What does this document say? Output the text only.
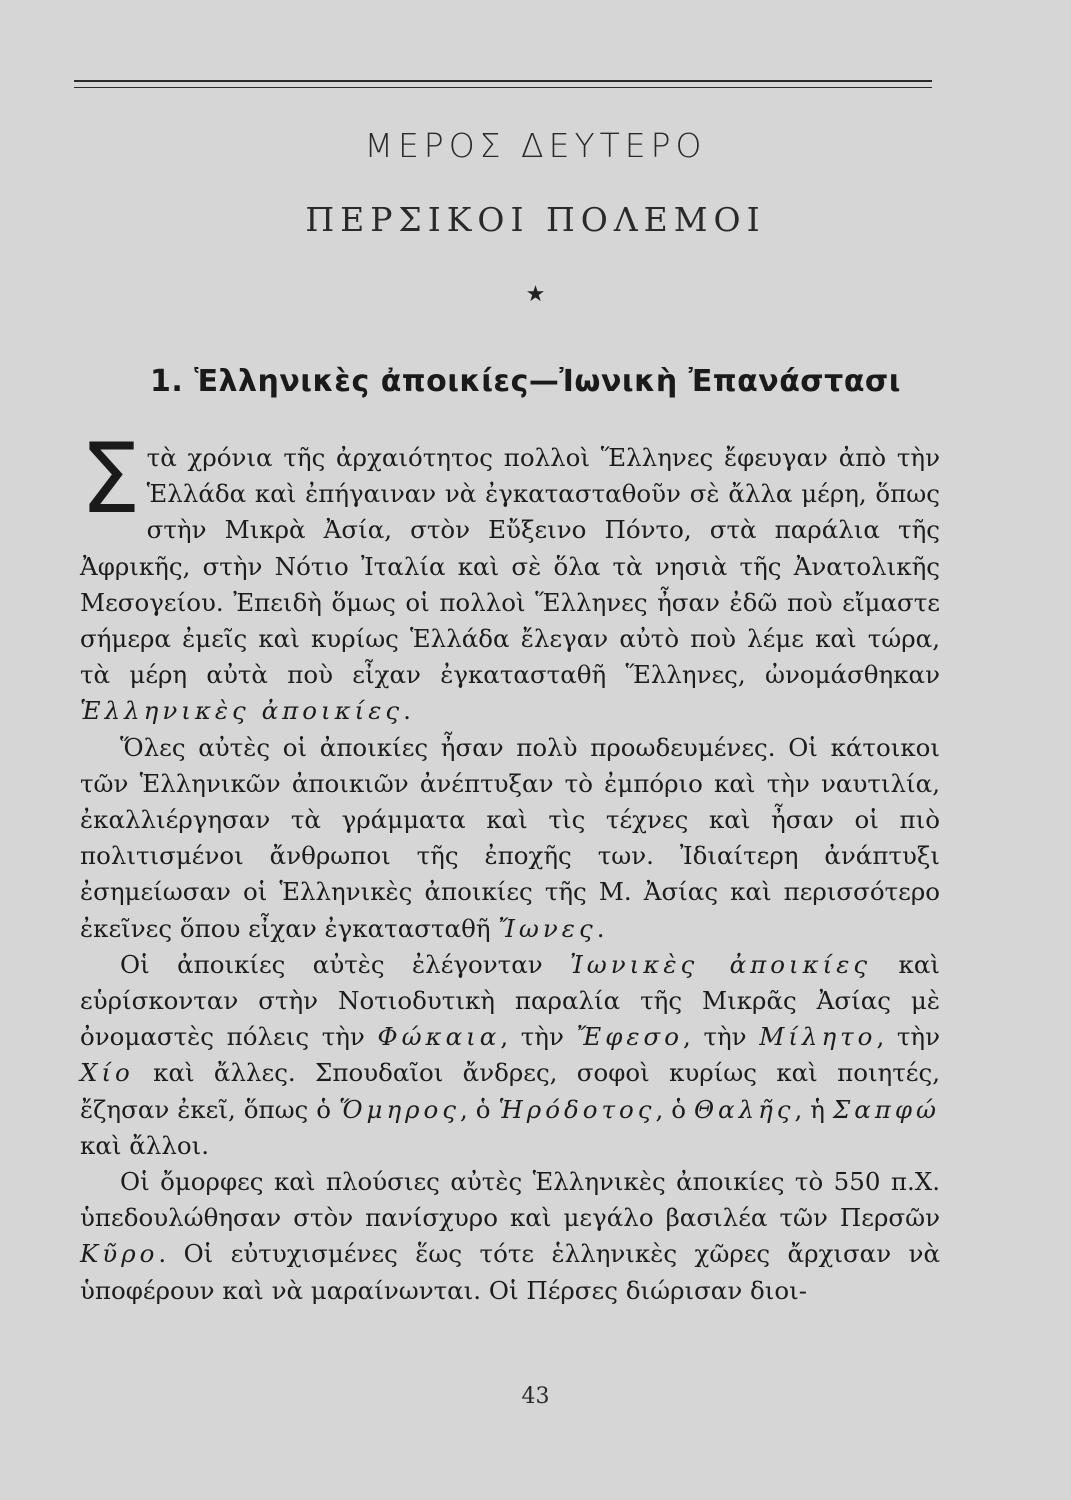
ΜΕΡΟΣ ΔΕΥΤΕΡΟ
ΠΕΡΣΙΚΟΙ ΠΟΛΕΜΟΙ
★
1. Ἑλληνικὲς ἀποικίες—Ἰωνικὴ Ἐπανάστασι

Στὰ χρόνια τῆς ἀρχαιότητος πολλοὶ Ἕλληνες ἔφευγαν ἀπὸ τὴν Ἑλλάδα καὶ ἐπήγαιναν νὰ ἐγκατασταθοῦν σὲ ἄλλα μέρη, ὅπως στὴν Μικρὰ Ἀσία, στὸν Εὔξεινο Πόντο, στὰ παράλια τῆς Ἀφρικῆς, στὴν Νότιο Ἰταλία καὶ σὲ ὅλα τὰ νησιὰ τῆς Ἀνατολικῆς Μεσογείου. Ἐπειδὴ ὅμως οἱ πολλοὶ Ἕλληνες ἦσαν ἐδῶ ποὺ εἴμαστε σήμερα ἐμεῖς καὶ κυρίως Ἑλλάδα ἔλεγαν αὐτὸ ποὺ λέμε καὶ τώρα, τὰ μέρη αὐτὰ ποὺ εἶχαν ἐγκατασταθῆ Ἕλληνες, ὠνομάσθηκαν Ἑλληνικὲς ἀποικίες.

Ὅλες αὐτὲς οἱ ἀποικίες ἦσαν πολὺ προωδευμένες. Οἱ κάτοικοι τῶν Ἑλληνικῶν ἀποικιῶν ἀνέπτυξαν τὸ ἐμπόριο καὶ τὴν ναυτιλία, ἐκαλλιέργησαν τὰ γράμματα καὶ τὶς τέχνες καὶ ἦσαν οἱ πιὸ πολιτισμένοι ἄνθρωποι τῆς ἐποχῆς των. Ἰδιαίτερη ἀνάπτυξι ἐσημείωσαν οἱ Ἑλληνικὲς ἀποικίες τῆς Μ. Ἀσίας καὶ περισσότερο ἐκεῖνες ὅπου εἶχαν ἐγκατασταθῆ Ἴωνες.

Οἱ ἀποικίες αὐτὲς ἐλέγονταν Ἰωνικὲς ἀποικίες καὶ εὑρίσκονταν στὴν Νοτιοδυτικὴ παραλία τῆς Μικρᾶς Ἀσίας μὲ ὀνομαστὲς πόλεις τὴν Φώκαια, τὴν Ἔφεσο, τὴν Μίλητο, τὴν Χίο καὶ ἄλλες. Σπουδαῖοι ἄνδρες, σοφοὶ κυρίως καὶ ποιητές, ἔζησαν ἐκεῖ, ὅπως ὁ Ὅμηρος, ὁ Ἡρόδοτος, ὁ Θαλῆς, ἡ Σαπφώ καὶ ἄλλοι.

Οἱ ὄμορφες καὶ πλούσιες αὐτὲς Ἑλληνικὲς ἀποικίες τὸ 550 π.Χ. ὑπεδουλώθησαν στὸν πανίσχυρο καὶ μεγάλο βασιλέα τῶν Περσῶν Κῦρο. Οἱ εὐτυχισμένες ἕως τότε ἑλληνικὲς χῶρες ἄρχισαν νὰ ὑποφέρουν καὶ νὰ μαραίνωνται. Οἱ Πέρσες διώρισαν διοι-

43
